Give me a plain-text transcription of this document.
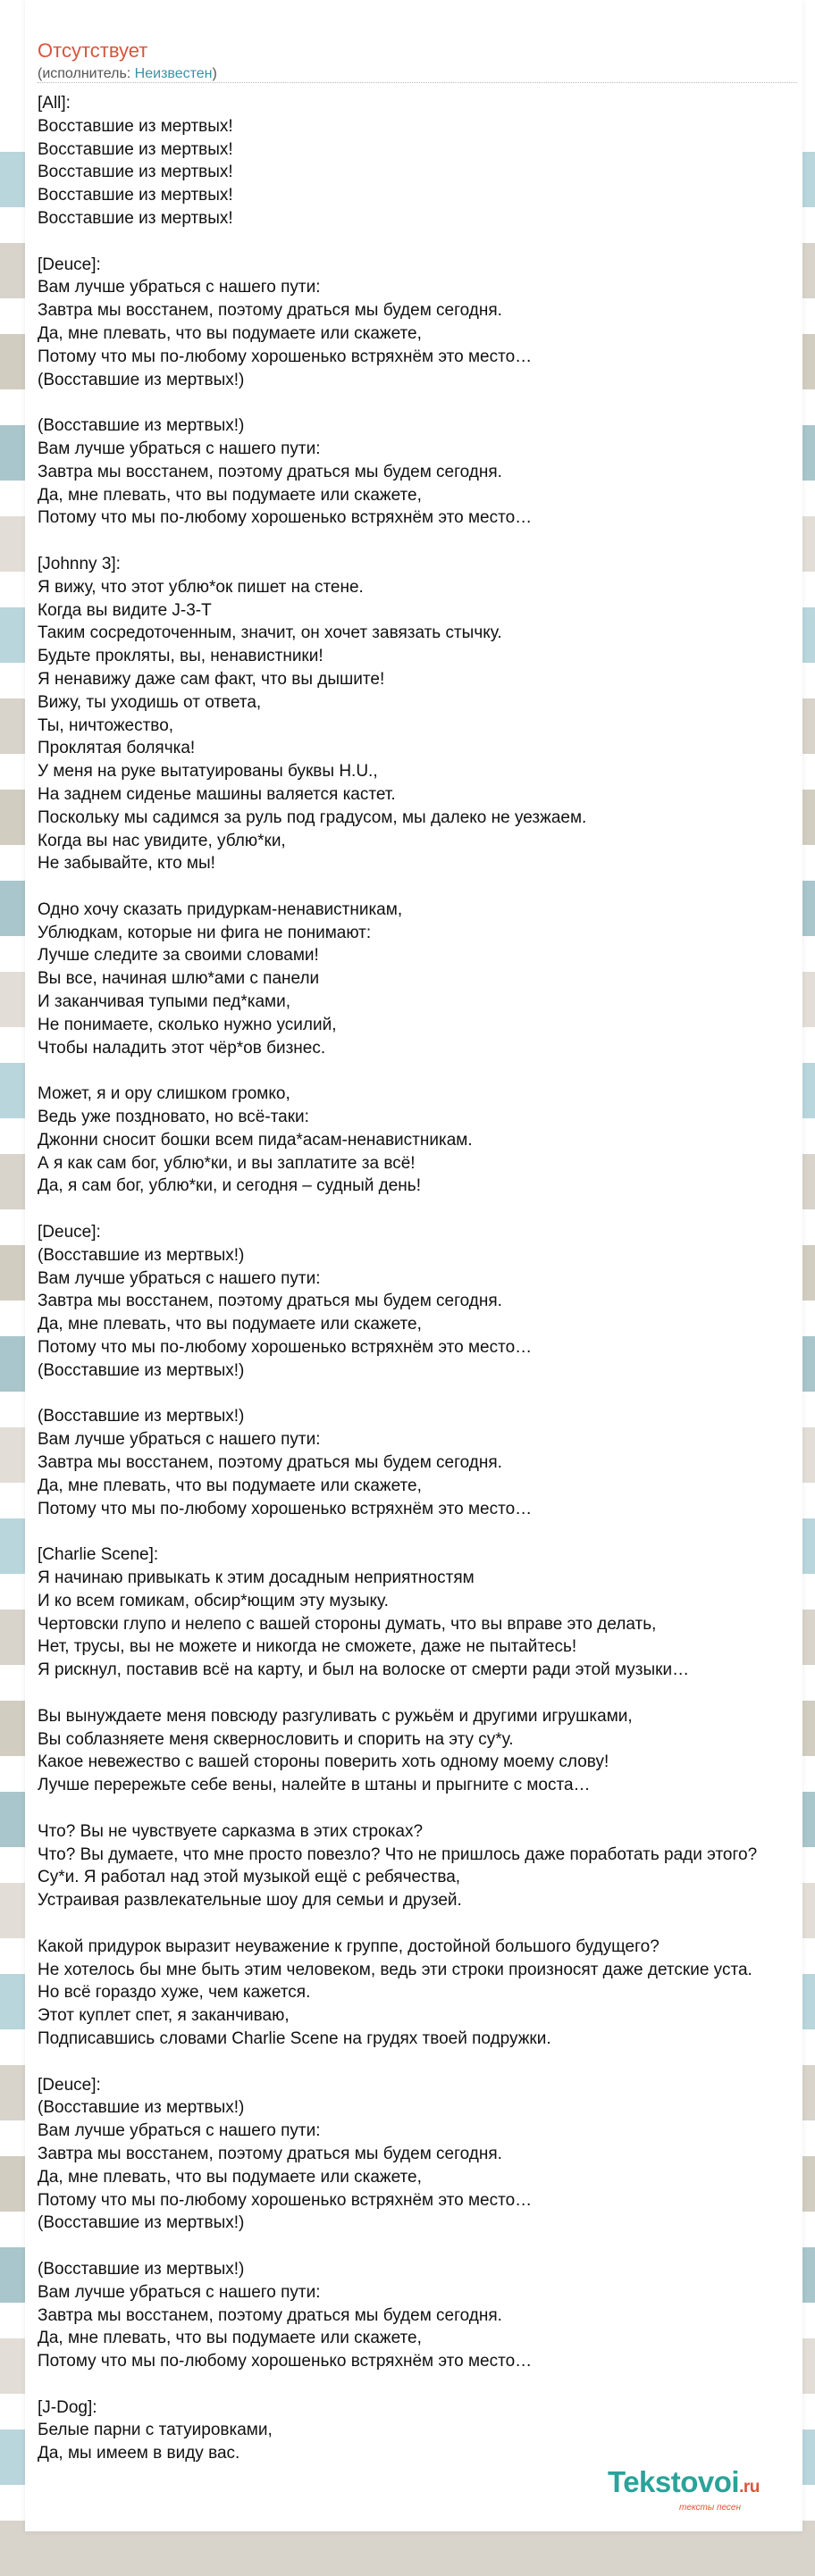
Отсутствует
(исполнитель: Неизвестен)
[All]:
Восставшие из мертвых!
Восставшие из мертвых!
Восставшие из мертвых!
Восставшие из мертвых!
Восставшие из мертвых!

[Deuce]:
Вам лучше убраться с нашего пути:
Завтра мы восстанем, поэтому драться мы будем сегодня.
Да, мне плевать, что вы подумаете или скажете,
Потому что мы по-любому хорошенько встряхнём это место…
(Восставшие из мертвых!)

(Восставшие из мертвых!)
Вам лучше убраться с нашего пути:
Завтра мы восстанем, поэтому драться мы будем сегодня.
Да, мне плевать, что вы подумаете или скажете,
Потому что мы по-любому хорошенько встряхнём это место…

[Johnny 3]:
Я вижу, что этот ублю*ок пишет на стене.
Когда вы видите J-3-T
Таким сосредоточенным, значит, он хочет завязать стычку.
Будьте прокляты, вы, ненавистники!
Я ненавижу даже сам факт, что вы дышите!
Вижу, ты уходишь от ответа,
Ты, ничтожество,
Проклятая болячка!
У меня на руке вытатуированы буквы H.U.,
На заднем сиденье машины валяется кастет.
Поскольку мы садимся за руль под градусом, мы далеко не уезжаем.
Когда вы нас увидите, ублю*ки,
Не забывайте, кто мы!

Одно хочу сказать придуркам-ненавистникам,
Ублюдкам, которые ни фига не понимают:
Лучше следите за своими словами!
Вы все, начиная шлю*ами с панели
И заканчивая тупыми пед*ками,
Не понимаете, сколько нужно усилий,
Чтобы наладить этот чёр*ов бизнес.

Может, я и ору слишком громко,
Ведь уже поздновато, но всё-таки:
Джонни сносит бошки всем пида*асам-ненавистникам.
А я как сам бог, ублю*ки, и вы заплатите за всё!
Да, я сам бог, ублю*ки, и сегодня – судный день!

[Deuce]:
(Восставшие из мертвых!)
Вам лучше убраться с нашего пути:
Завтра мы восстанем, поэтому драться мы будем сегодня.
Да, мне плевать, что вы подумаете или скажете,
Потому что мы по-любому хорошенько встряхнём это место…
(Восставшие из мертвых!)

(Восставшие из мертвых!)
Вам лучше убраться с нашего пути:
Завтра мы восстанем, поэтому драться мы будем сегодня.
Да, мне плевать, что вы подумаете или скажете,
Потому что мы по-любому хорошенько встряхнём это место…

[Charlie Scene]:
Я начинаю привыкать к этим досадным неприятностям
И ко всем гомикам, обсир*ющим эту музыку.
Чертовски глупо и нелепо с вашей стороны думать, что вы вправе это делать,
Нет, трусы, вы не можете и никогда не сможете, даже не пытайтесь!
Я рискнул, поставив всё на карту, и был на волоске от смерти ради этой музыки…

Вы вынуждаете меня повсюду разгуливать с ружьём и другими игрушками,
Вы соблазняете меня сквернословить и спорить на эту су*у.
Какое невежество с вашей стороны поверить хоть одному моему слову!
Лучше перережьте себе вены, налейте в штаны и прыгните с моста…

Что? Вы не чувствуете сарказма в этих строках?
Что? Вы думаете, что мне просто повезло? Что не пришлось даже поработать ради этого?
Су*и. Я работал над этой музыкой ещё с ребячества,
Устраивая развлекательные шоу для семьи и друзей.

Какой придурок выразит неуважение к группе, достойной большого будущего?
Не хотелось бы мне быть этим человеком, ведь эти строки произносят даже детские уста.
Но всё гораздо хуже, чем кажется.
Этот куплет спет, я заканчиваю,
Подписавшись словами Charlie Scene на грудях твоей подружки.

[Deuce]:
(Восставшие из мертвых!)
Вам лучше убраться с нашего пути:
Завтра мы восстанем, поэтому драться мы будем сегодня.
Да, мне плевать, что вы подумаете или скажете,
Потому что мы по-любому хорошенько встряхнём это место…
(Восставшие из мертвых!)

(Восставшие из мертвых!)
Вам лучше убраться с нашего пути:
Завтра мы восстанем, поэтому драться мы будем сегодня.
Да, мне плевать, что вы подумаете или скажете,
Потому что мы по-любому хорошенько встряхнём это место…

[J-Dog]:
Белые парни с татуировками,
Да, мы имеем в виду вас.
Tekstovoi.ru
тексты песен
